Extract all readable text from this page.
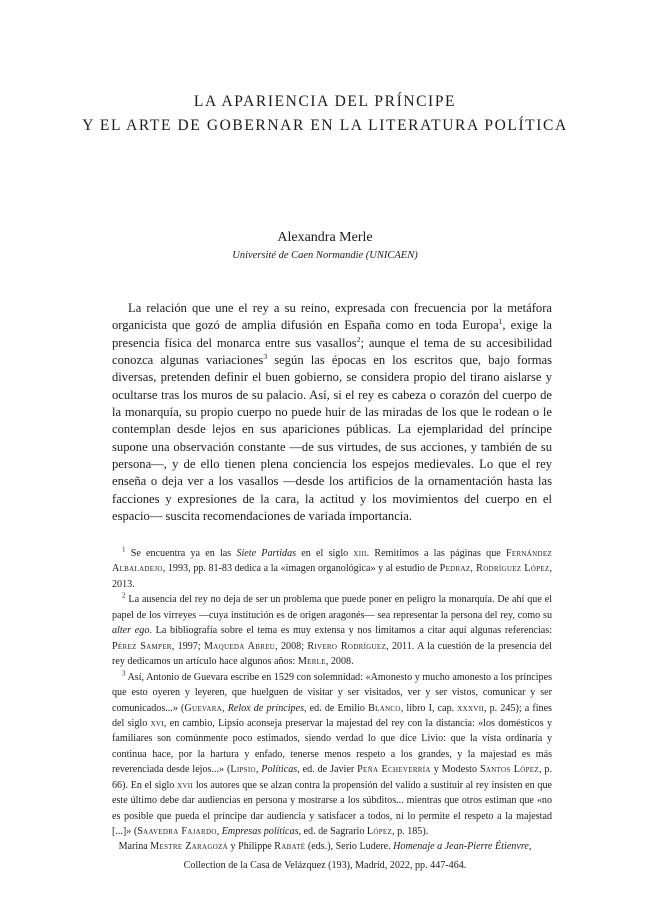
LA APARIENCIA DEL PRÍNCIPE
Y EL ARTE DE GOBERNAR EN LA LITERATURA POLÍTICA
Alexandra Merle
Université de Caen Normandie (UNICAEN)

La relación que une el rey a su reino, expresada con frecuencia por la metáfora organicista que gozó de amplia difusión en España como en toda Europa$^1$, exige la presencia física del monarca entre sus vasallos$^2$; aunque el tema de su accesibilidad conozca algunas variaciones$^3$ según las épocas en los escritos que, bajo formas diversas, pretenden definir el buen gobierno, se considera propio del tirano aislarse y ocultarse tras los muros de su palacio. Así, si el rey es cabeza o corazón del cuerpo de la monarquía, su propio cuerpo no puede huir de las miradas de los que le rodean o le contemplan desde lejos en sus apariciones públicas. La ejemplaridad del príncipe supone una observación constante —de sus virtudes, de sus acciones, y también de su persona—, y de ello tienen plena conciencia los espejos medievales. Lo que el rey enseña o deja ver a los vasallos —desde los artificios de la ornamentación hasta las facciones y expresiones de la cara, la actitud y los movimientos del cuerpo en el espacio— suscita recomendaciones de variada importancia.

$^1$ Se encuentra ya en las Siete Partidas en el siglo xiii. Remitimos a las páginas que Fernández Albaladejo, 1993, pp. 81-83 dedica a la «imagen organológica» y al estudio de Pedraz, Rodríguez López, 2013.

$^2$ La ausencia del rey no deja de ser un problema que puede poner en peligro la monarquía. De ahí que el papel de los virreyes —cuya institución es de origen aragonés— sea representar la persona del rey, como su alter ego. La bibliografía sobre el tema es muy extensa y nos limitamos a citar aquí algunas referencias: Pérez Samper, 1997; Maqueda Abreu, 2008; Rivero Rodríguez, 2011. A la cuestión de la presencia del rey dedicamos un artículo hace algunos años: Merle, 2008.

$^3$ Así, Antonio de Guevara escribe en 1529 con solemnidad: «Amonesto y mucho amonesto a los príncipes que esto oyeren y leyeren, que huelguen de visitar y ser visitados, ver y ser vistos, comunicar y ser comunicados...» (Guevara, Relox de príncipes, ed. de Emilio Blanco, libro I, cap. xxxvii, p. 245); a fines del siglo xvi, en cambio, Lipsio aconseja preservar la majestad del rey con la distancia: «los domésticos y familiares son comúnmente poco estimados, siendo verdad lo que dice Livio: que la vista ordinaria y continua hace, por la hartura y enfado, tenerse menos respeto a los grandes, y la majestad es más reverenciada desde lejos...» (Lipsio, Políticas, ed. de Javier Peña Echeverría y Modesto Santos López, p. 66). En el siglo xvii los autores que se alzan contra la propensión del valido a sustituir al rey insisten en que este último debe dar audiencias en persona y mostrarse a los súbditos... mientras que otros estiman que «no es posible que pueda el príncipe dar audiencia y satisfacer a todos, ni lo permite el respeto a la majestad [...]» (Saavedra Fajardo, Empresas políticas, ed. de Sagrario López, p. 185).

Marina Mestre Zaragozá y Philippe Rabaté (eds.), Serio Ludere. Homenaje a Jean-Pierre Étienvre,
Collection de la Casa de Velázquez (193), Madrid, 2022, pp. 447-464.
